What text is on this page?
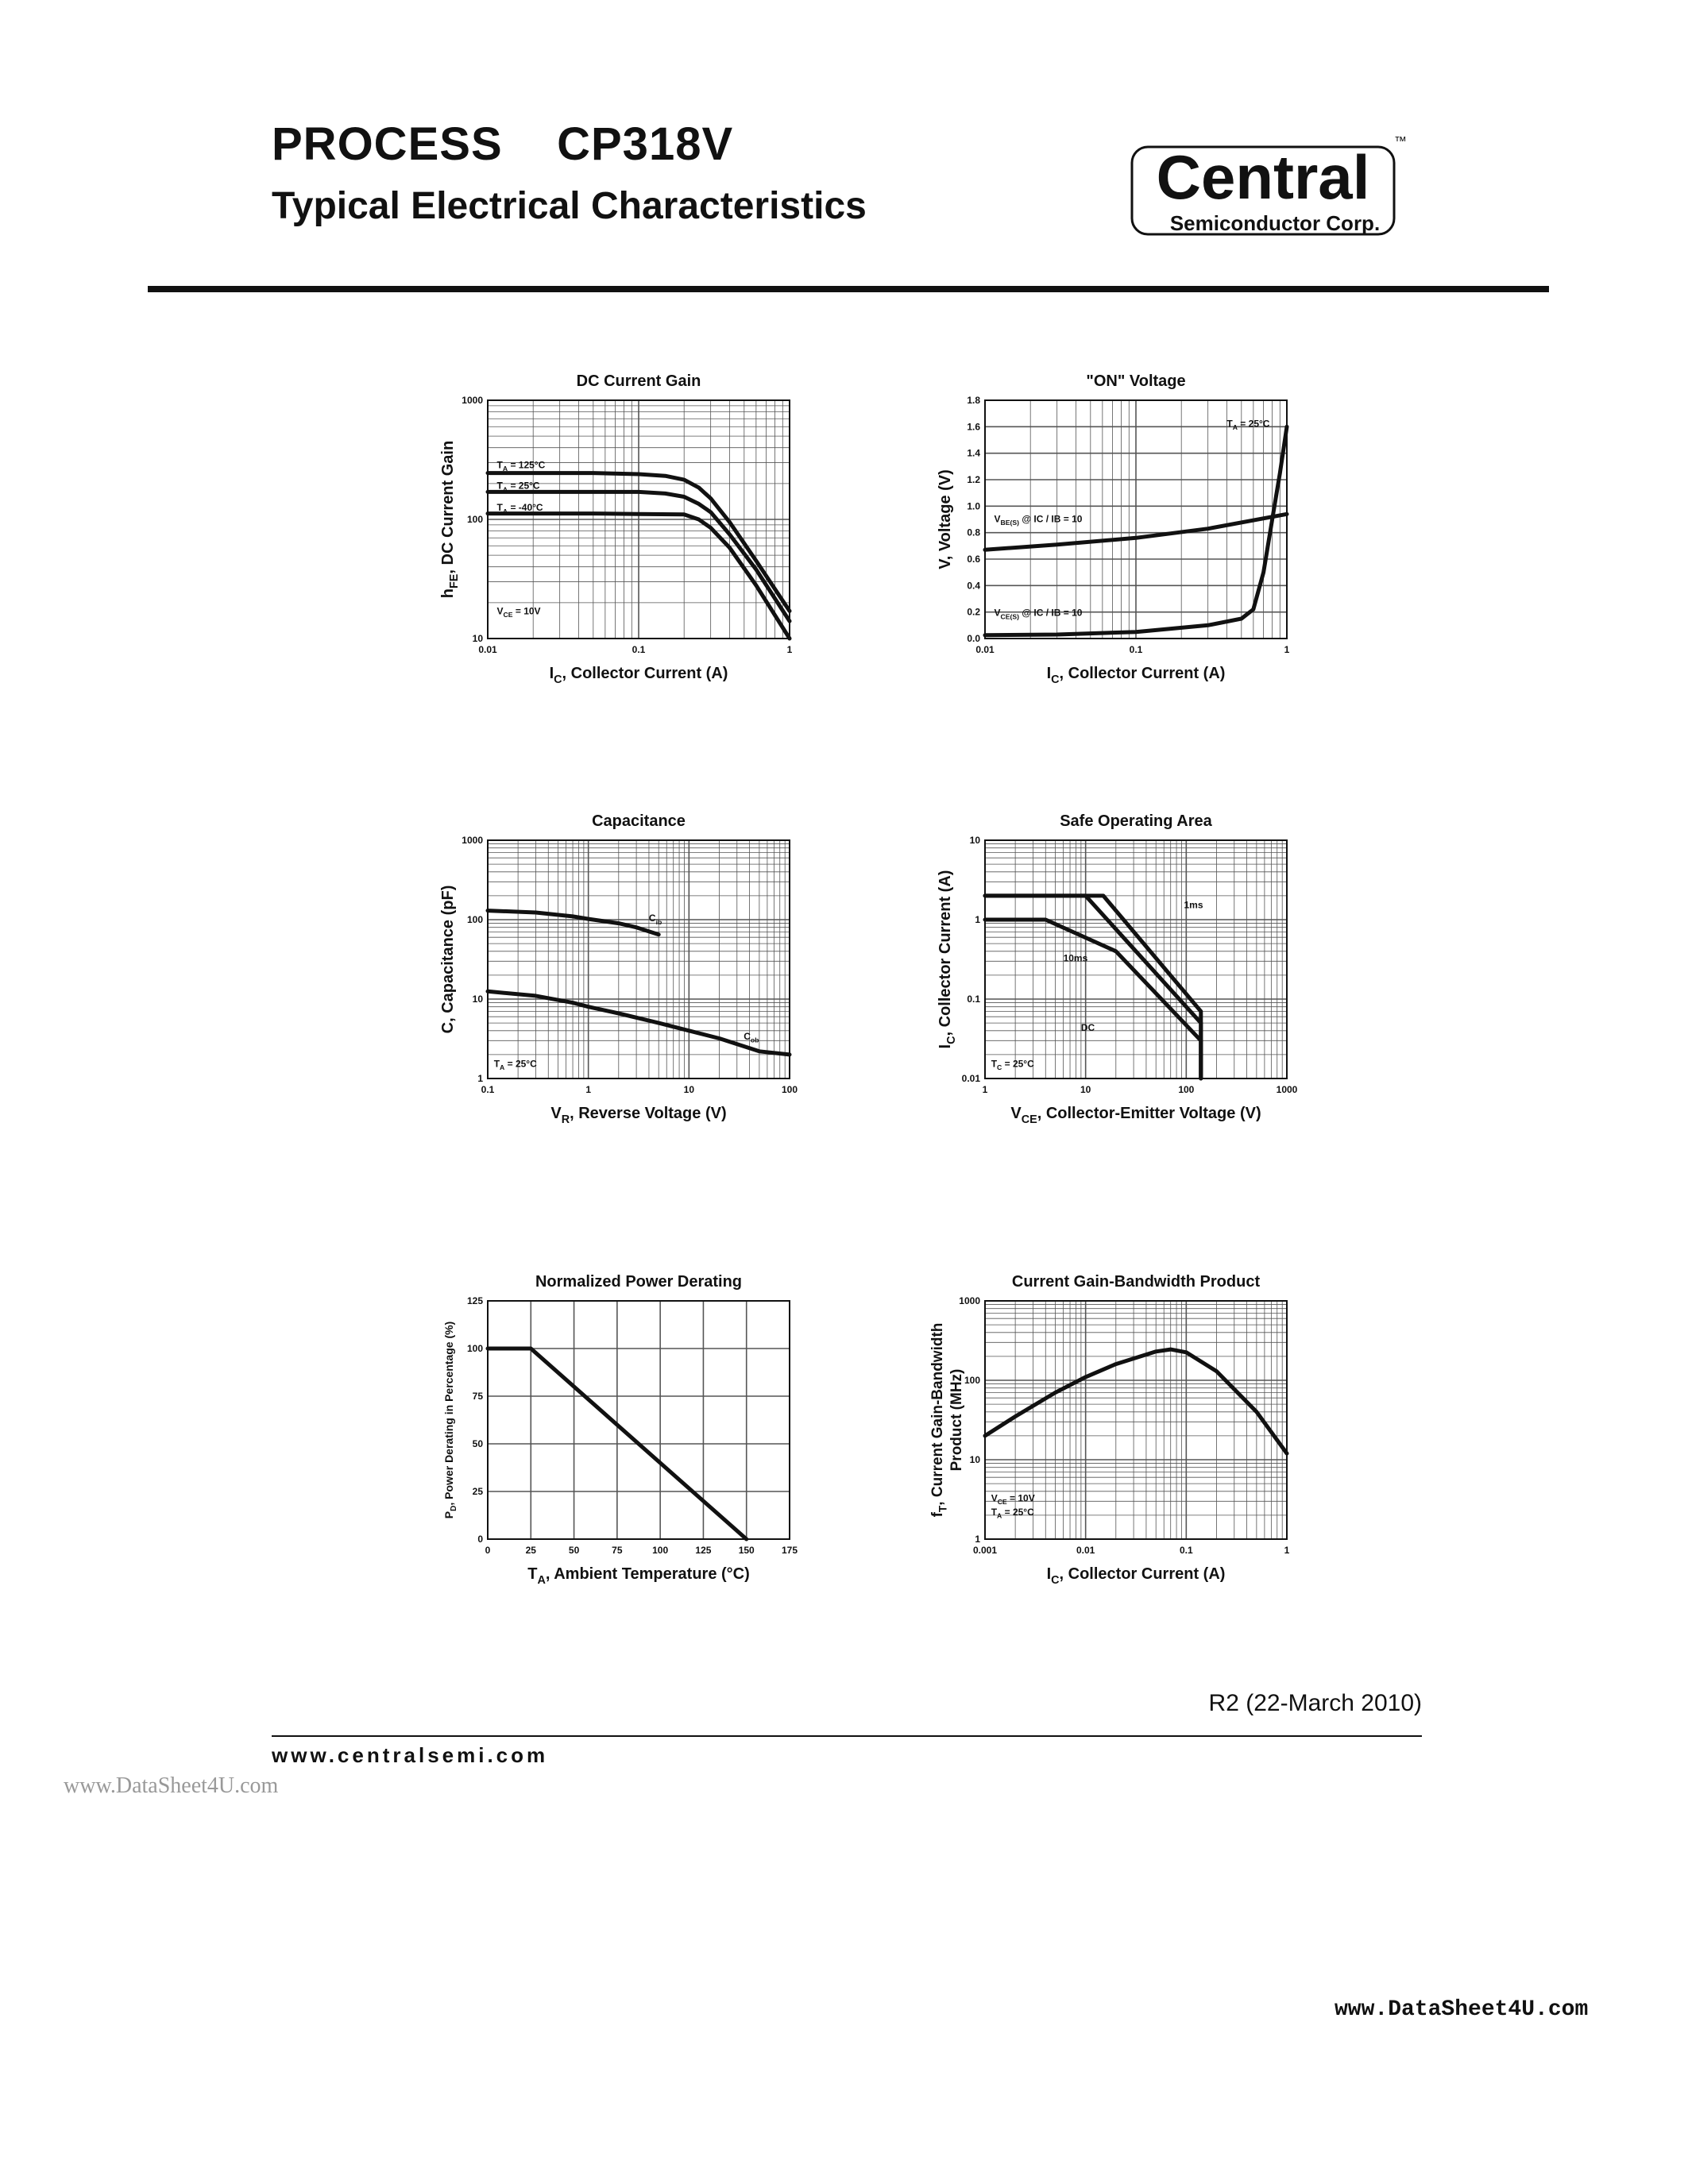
PROCESS CP318V
Typical Electrical Characteristics	Central
™
Semiconductor Corp.
DC Current Gain
0.01	0.1	1
10
100
1000
$I_C$, Collector Current (A)
$h_{FE}$, DC Current Gain	$T_A = 125^\circ C$
$T_A = 25^\circ C$
$T_A = -40^\circ C$
$V_{CE} = 10V$
"ON" Voltage
0.01	0.1	1
0.0
0.2
0.4
0.6
0.8
1.0
1.2
1.4
1.6
1.8
$I_C$, Collector Current (A)
V, Voltage (V)
$T_A = 25^\circ C$
$V_{BE(S)}$ @ IC / IB = 10
$V_{CE(S)}$ @ IC / IB = 10
Capacitance
0.1	1	10	100
1
10
100
1000
$V_R$, Reverse Voltage (V)
C, Capacitance (pF)	$C_{ib}$
$C_{ob}$
$T_A = 25^\circ C$
Safe Operating Area
1	10	100	1000
0.01
0.1
1
10
$V_{CE}$, Collector-Emitter Voltage (V)
$I_C$, Collector Current (A)	1ms
10ms
DC
$T_C = 25^\circ C$
Normalized Power Derating
0	25	50	75	100	125	150	175
0
25
50
75
100
125
$T_A$, Ambient Temperature (°C)
$P_D$, Power Derating in Percentage (%)
Current Gain-Bandwidth Product
0.001	0.01	0.1	1
1
10
100
1000
$I_C$, Collector Current (A)
$f_T$, Current Gain-Bandwidth Product (MHz)
$V_{CE} = 10V$
$T_A = 25^\circ C$
R2 (22-March 2010)
www.centralsemi.com
www.DataSheet4U.com
www.DataSheet4U.com
